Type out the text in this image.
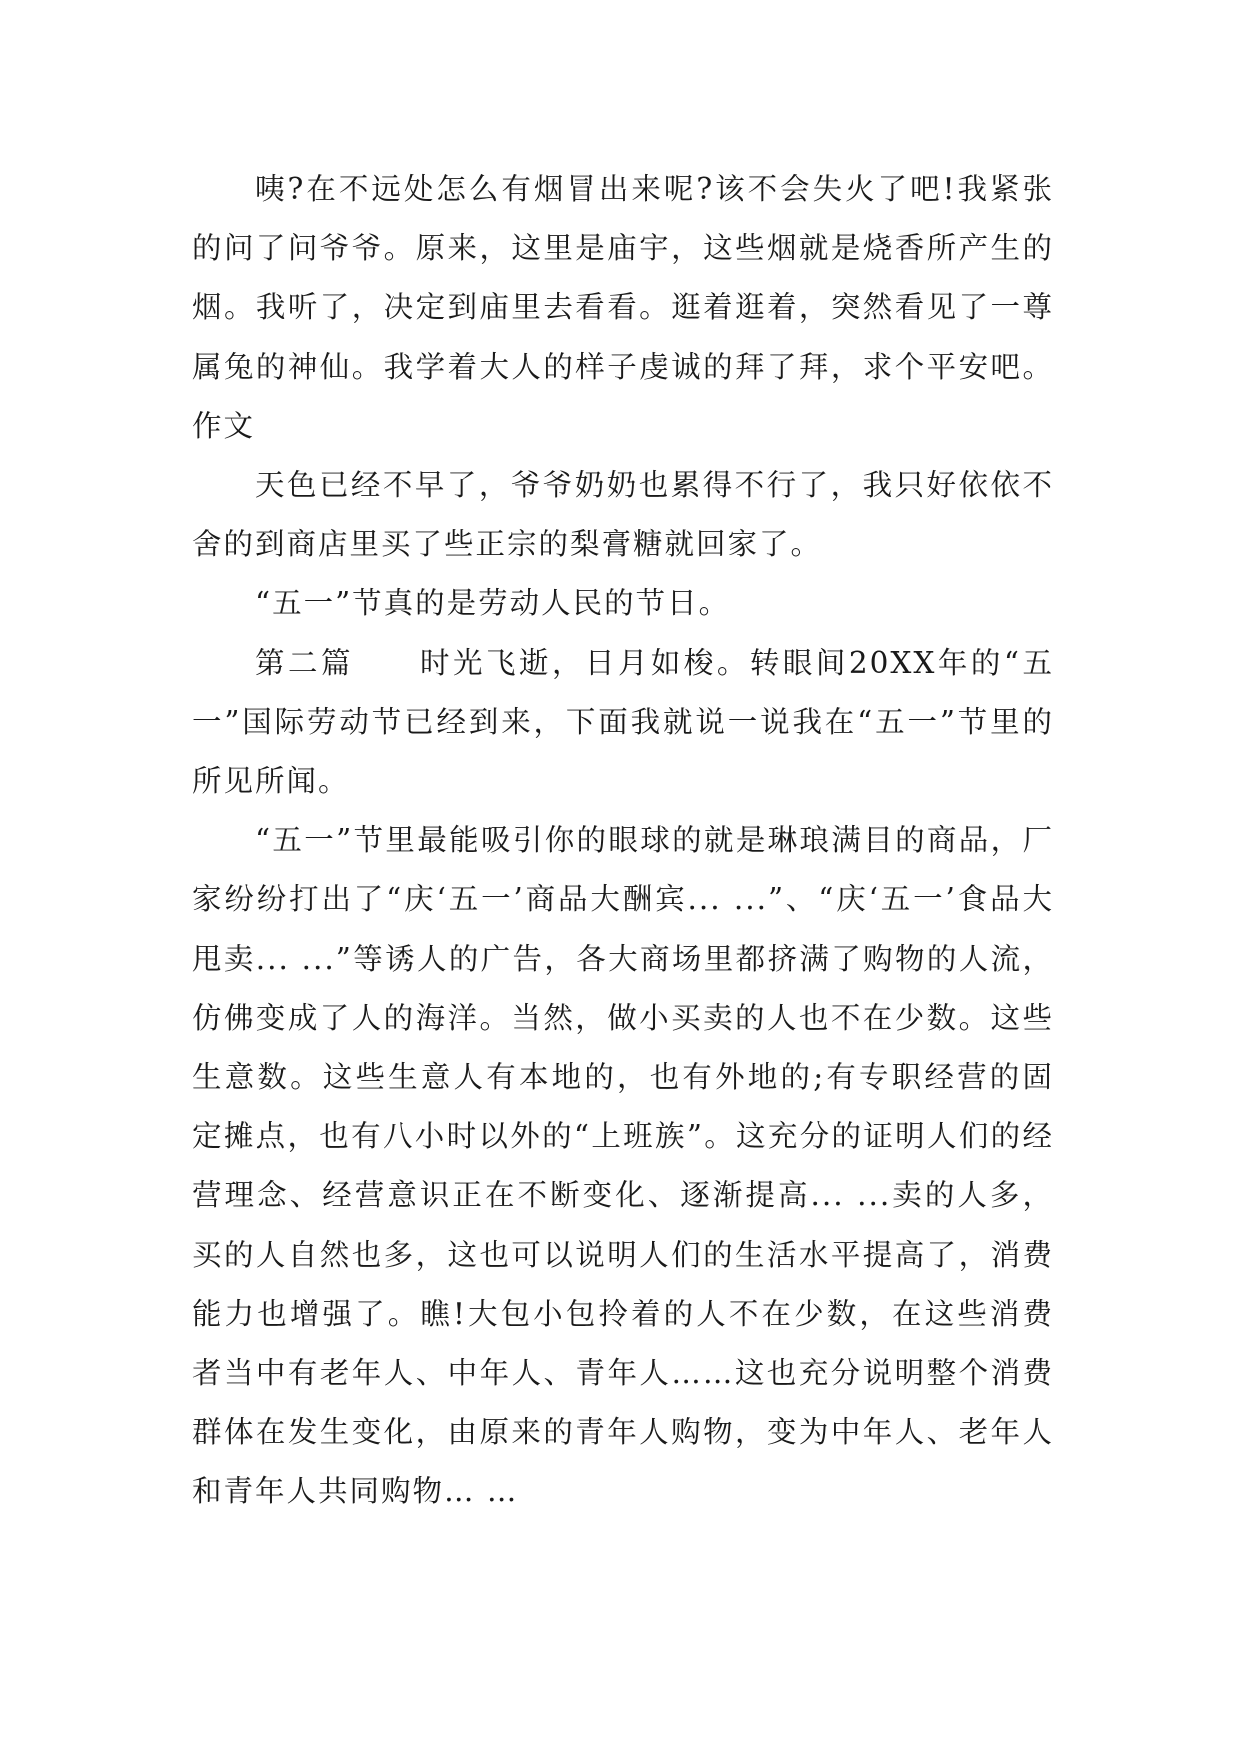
咦?在不远处怎么有烟冒出来呢?该不会失火了吧!我紧张的问了问爷爷。原来，这里是庙宇，这些烟就是烧香所产生的烟。我听了，决定到庙里去看看。逛着逛着，突然看见了一尊属兔的神仙。我学着大人的样子虔诚的拜了拜，求个平安吧。作文

天色已经不早了，爷爷奶奶也累得不行了，我只好依依不舍的到商店里买了些正宗的梨膏糖就回家了。

“五一”节真的是劳动人民的节日。

第二篇　　时光飞逝，日月如梭。转眼间20XX年的“五一”国际劳动节已经到来，下面我就说一说我在“五一”节里的所见所闻。

“五一”节里最能吸引你的眼球的就是琳琅满目的商品，厂家纷纷打出了“庆‘五一’商品大酬宾... ...”、“庆‘五一’食品大甩卖... ...”等诱人的广告，各大商场里都挤满了购物的人流，仿佛变成了人的海洋。当然，做小买卖的人也不在少数。这些生意数。这些生意人有本地的，也有外地的;有专职经营的固定摊点，也有八小时以外的“上班族”。这充分的证明人们的经营理念、经营意识正在不断变化、逐渐提高... ...卖的人多，买的人自然也多，这也可以说明人们的生活水平提高了，消费能力也增强了。瞧!大包小包拎着的人不在少数，在这些消费者当中有老年人、中年人、青年人……这也充分说明整个消费群体在发生变化，由原来的青年人购物，变为中年人、老年人和青年人共同购物… …
